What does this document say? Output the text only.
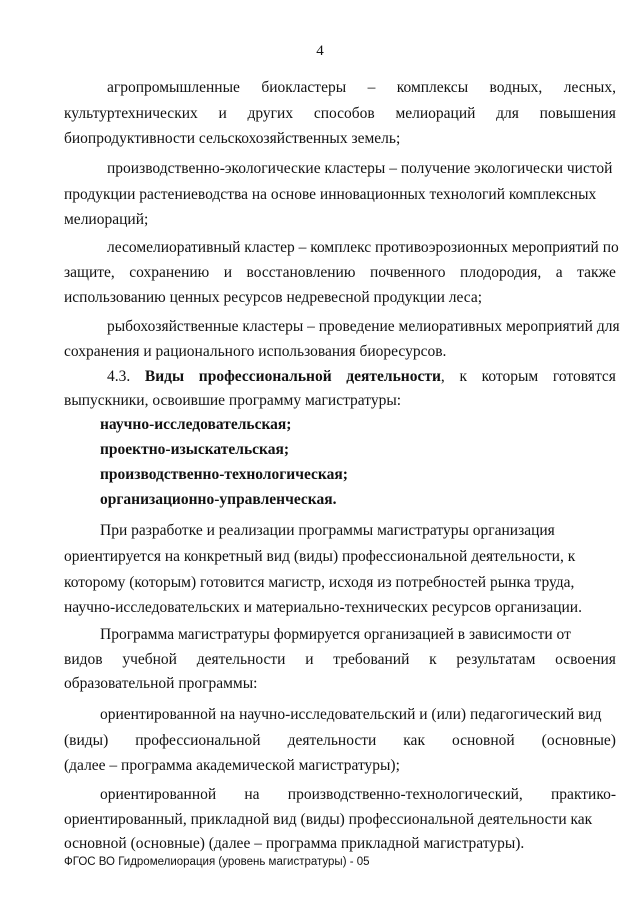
4
агропромышленные биокластеры – комплексы водных, лесных,
культуртехнических и других способов мелиораций для повышения
биопродуктивности сельскохозяйственных земель;
производственно-экологические кластеры – получение экологически чистой
продукции растениеводства на основе инновационных технологий комплексных
мелиораций;
лесомелиоративный кластер – комплекс противоэрозионных мероприятий по
защите, сохранению и восстановлению почвенного плодородия, а также
использованию ценных ресурсов недревесной продукции леса;
рыбохозяйственные кластеры – проведение мелиоративных мероприятий для
сохранения и рационального использования биоресурсов.
4.3. Виды профессиональной деятельности, к которым готовятся
выпускники, освоившие программу магистратуры:
научно-исследовательская;
проектно-изыскательская;
производственно-технологическая;
организационно-управленческая.
При разработке и реализации программы магистратуры организация
ориентируется на конкретный вид (виды) профессиональной деятельности, к
которому (которым) готовится магистр, исходя из потребностей рынка труда,
научно-исследовательских и материально-технических ресурсов организации.
Программа магистратуры формируется организацией в зависимости от
видов учебной деятельности и требований к результатам освоения
образовательной программы:
ориентированной на научно-исследовательский и (или) педагогический вид
(виды) профессиональной деятельности как основной (основные)
(далее – программа академической магистратуры);
ориентированной на производственно-технологический, практико-
ориентированный, прикладной вид (виды) профессиональной деятельности как
основной (основные) (далее – программа прикладной магистратуры).
ФГОС ВО Гидромелиорация (уровень магистратуры) - 05
